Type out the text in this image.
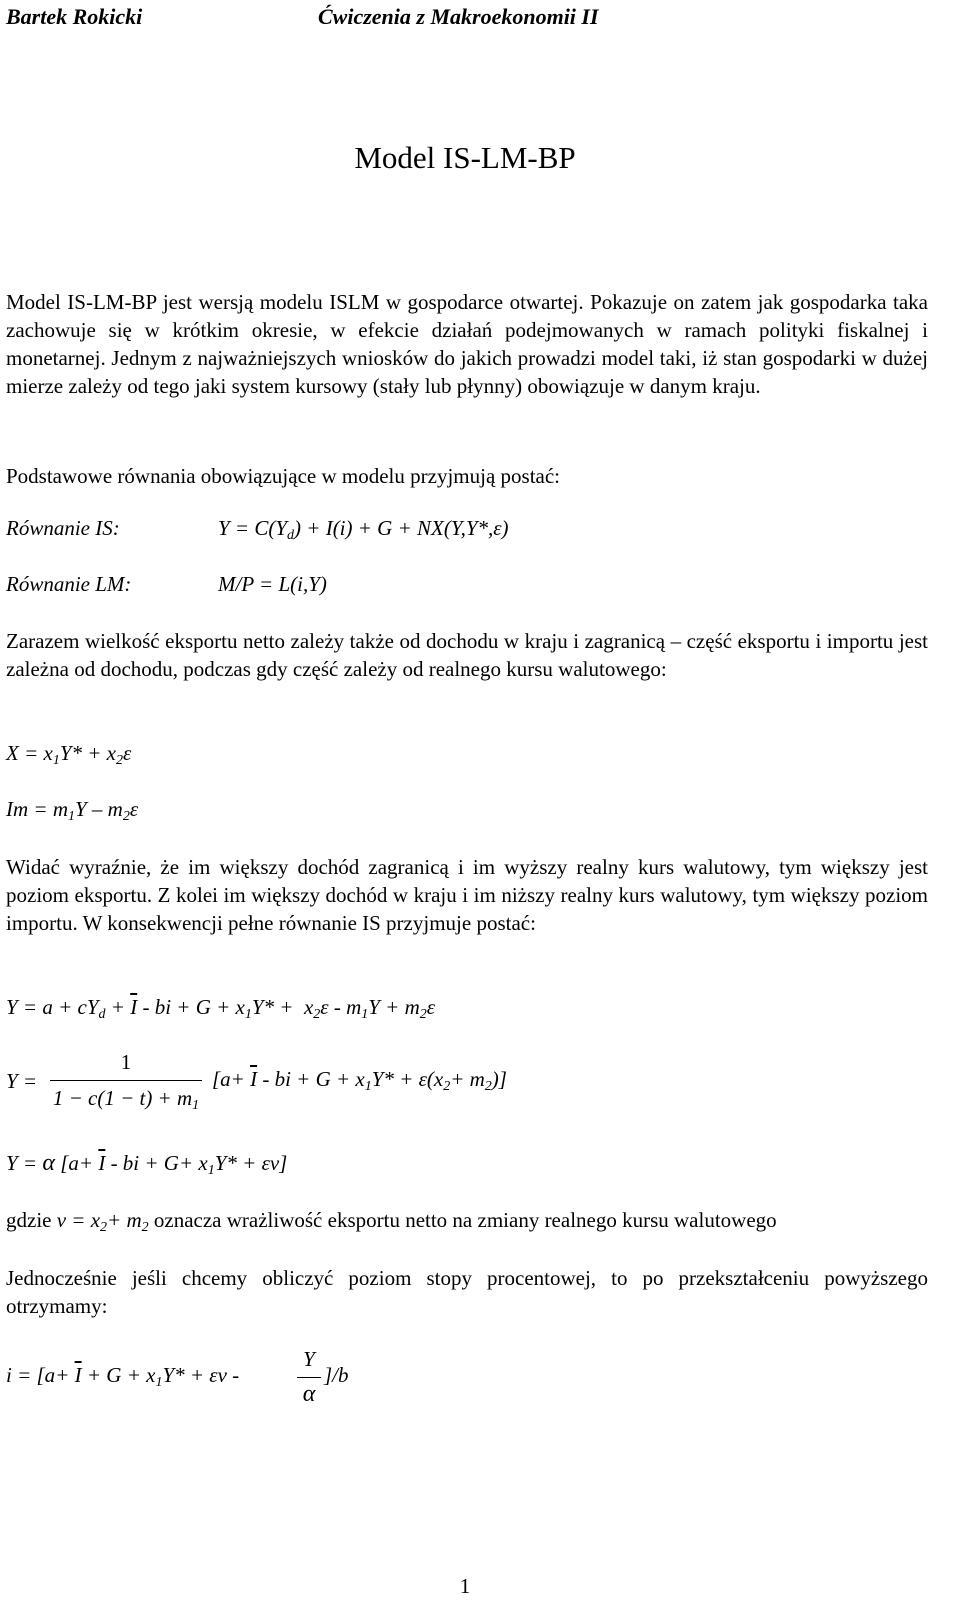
Bartek Rokicki	Ćwiczenia z Makroekonomii II
Model IS-LM-BP
Model IS-LM-BP jest wersją modelu ISLM w gospodarce otwartej. Pokazuje on zatem jak gospodarka taka zachowuje się w krótkim okresie, w efekcie działań podejmowanych w ramach polityki fiskalnej i monetarnej. Jednym z najważniejszych wniosków do jakich prowadzi model taki, iż stan gospodarki w dużej mierze zależy od tego jaki system kursowy (stały lub płynny) obowiązuje w danym kraju.
Podstawowe równania obowiązujące w modelu przyjmują postać:
Równanie IS:	$Y = C(Y_d) + I(i) + G + NX(Y,Y*,\varepsilon)$
Równanie LM:	M/P = L(i,Y)
Zarazem wielkość eksportu netto zależy także od dochodu w kraju i zagranicą – część eksportu i importu jest zależna od dochodu, podczas gdy część zależy od realnego kursu walutowego:
$X = x_1Y* + x_2\varepsilon$
$Im = m_1Y - m_2\varepsilon$
Widać wyraźnie, że im większy dochód zagranicą i im wyższy realny kurs walutowy, tym większy jest poziom eksportu. Z kolei im większy dochód w kraju i im niższy realny kurs walutowy, tym większy poziom importu. W konsekwencji pełne równanie IS przyjmuje postać:
$Y = a + cY_d + \overline{I}$ - bi + $G + x_1Y* + x_2\varepsilon - m_1Y + m_2\varepsilon$
Y =
1
$1 - c(1 - t) + m_1$
[$a+ \overline{I}$ - bi + $G + x_1Y* + \varepsilon(x_2+ m_2)$]
Y = α [$a+ \overline{I}$ - bi + $G+ x_1Y* + \varepsilon v$]
gdzie $v = x_2+ m_2$ oznacza wrażliwość eksportu netto na zmiany realnego kursu walutowego
Jednocześnie jeśli chcemy obliczyć poziom stopy procentowej, to po przekształceniu powyższego otrzymamy:
$i = [a+ \overline{I} + G + x_1Y* + \varepsilon v$ -
Y
α
]/b
1
